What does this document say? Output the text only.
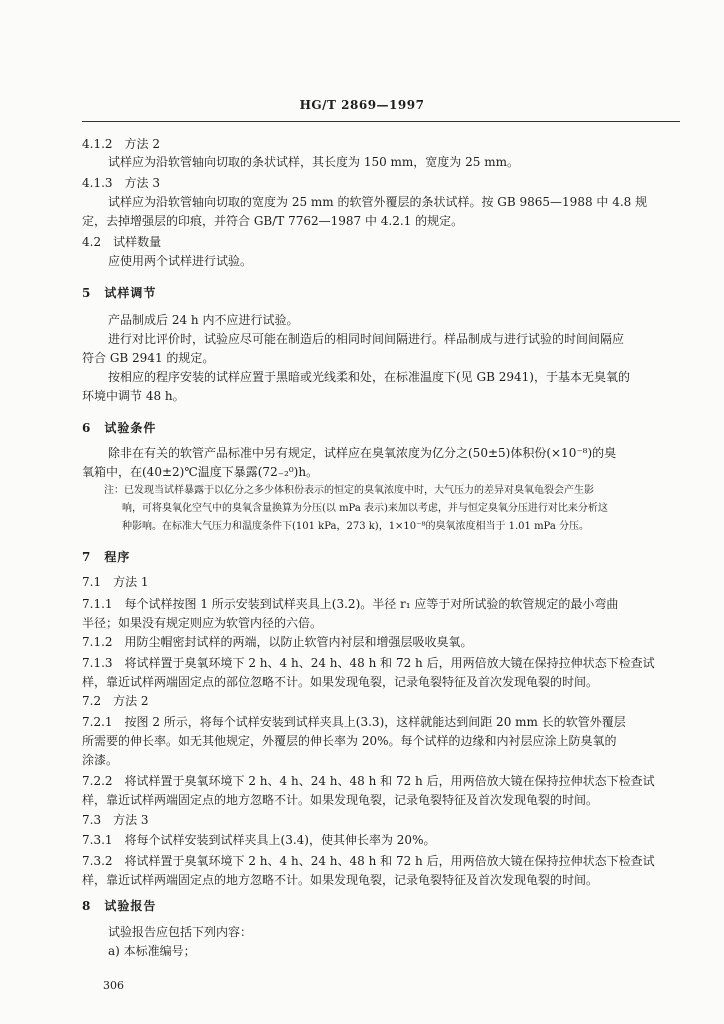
HG/T 2869—1997
4.1.2　方法 2
试样应为沿软管轴向切取的条状试样，其长度为 150 mm，宽度为 25 mm。
4.1.3　方法 3
试样应为沿软管轴向切取的宽度为 25 mm 的软管外覆层的条状试样。按 GB 9865—1988 中 4.8 规
定，去掉增强层的印痕，并符合 GB/T 7762—1987 中 4.2.1 的规定。
4.2　试样数量
应使用两个试样进行试验。
5　试样调节
产品制成后 24 h 内不应进行试验。
进行对比评价时，试验应尽可能在制造后的相同时间间隔进行。样品制成与进行试验的时间间隔应
符合 GB 2941 的规定。
按相应的程序安装的试样应置于黑暗或光线柔和处，在标准温度下(见 GB 2941)，于基本无臭氧的
环境中调节 48 h。
6　试验条件
除非在有关的软管产品标准中另有规定，试样应在臭氧浓度为亿分之(50±5)体积份(×10⁻⁸)的臭
氧箱中，在(40±2)℃温度下暴露(72₋₂⁰)h。
注：已发现当试样暴露于以亿分之多少体积份表示的恒定的臭氧浓度中时，大气压力的差异对臭氧龟裂会产生影
响，可将臭氧化空气中的臭氧含量换算为分压(以 mPa 表示)来加以考虑，并与恒定臭氧分压进行对比来分析这
种影响。在标准大气压力和温度条件下(101 kPa，273 k)，1×10⁻⁸的臭氧浓度相当于 1.01 mPa 分压。
7　程序
7.1　方法 1
7.1.1　每个试样按图 1 所示安装到试样夹具上(3.2)。半径 r₁ 应等于对所试验的软管规定的最小弯曲
半径；如果没有规定则应为软管内径的六倍。
7.1.2　用防尘帽密封试样的两端，以防止软管内衬层和增强层吸收臭氧。
7.1.3　将试样置于臭氧环境下 2 h、4 h、24 h、48 h 和 72 h 后，用两倍放大镜在保持拉伸状态下检查试
样，靠近试样两端固定点的部位忽略不计。如果发现龟裂，记录龟裂特征及首次发现龟裂的时间。
7.2　方法 2
7.2.1　按图 2 所示，将每个试样安装到试样夹具上(3.3)，这样就能达到间距 20 mm 长的软管外覆层
所需要的伸长率。如无其他规定，外覆层的伸长率为 20%。每个试样的边缘和内衬层应涂上防臭氧的
涂漆。
7.2.2　将试样置于臭氧环境下 2 h、4 h、24 h、48 h 和 72 h 后，用两倍放大镜在保持拉伸状态下检查试
样，靠近试样两端固定点的地方忽略不计。如果发现龟裂，记录龟裂特征及首次发现龟裂的时间。
7.3　方法 3
7.3.1　将每个试样安装到试样夹具上(3.4)，使其伸长率为 20%。
7.3.2　将试样置于臭氧环境下 2 h、4 h、24 h、48 h 和 72 h 后，用两倍放大镜在保持拉伸状态下检查试
样，靠近试样两端固定点的地方忽略不计。如果发现龟裂，记录龟裂特征及首次发现龟裂的时间。
8　试验报告
试验报告应包括下列内容：
a) 本标准编号；
306
